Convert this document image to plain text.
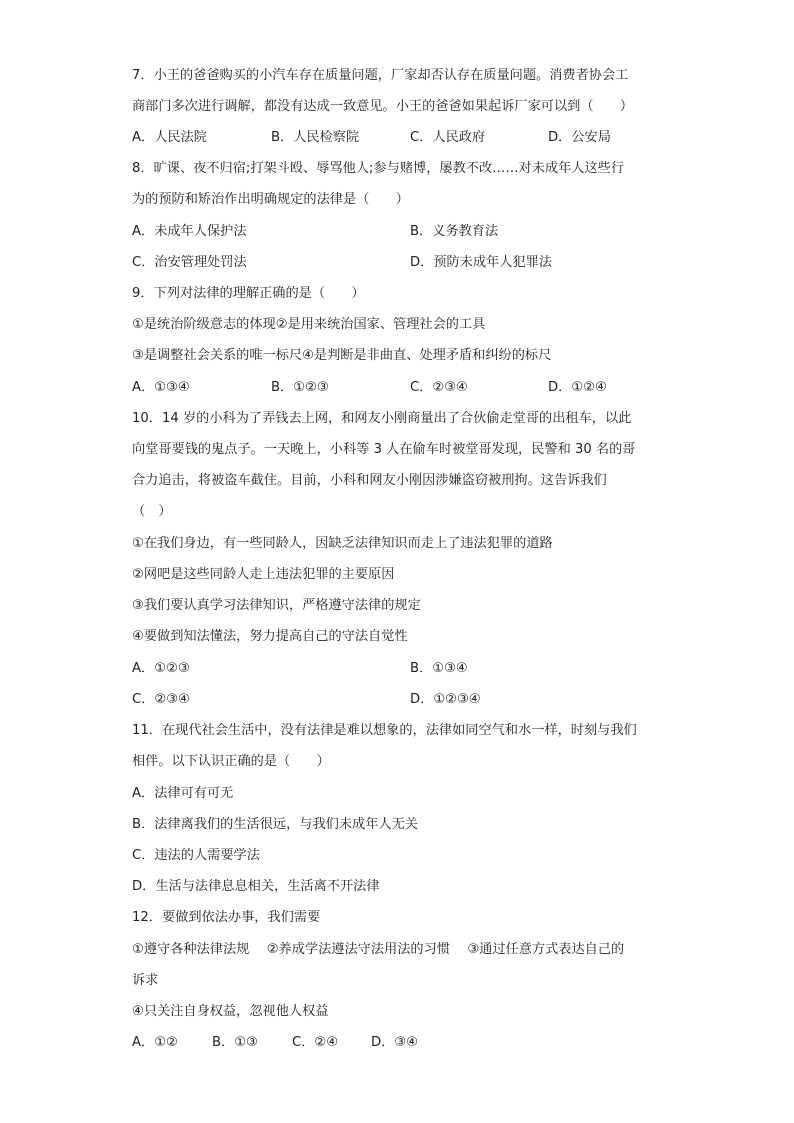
7．小王的爸爸购买的小汽车存在质量问题，厂家却否认存在质量问题。消费者协会工
商部门多次进行调解，都没有达成一致意见。小王的爸爸如果起诉厂家可以到（　　）
A．人民法院	B．人民检察院	C．人民政府	D．公安局
8．旷课、夜不归宿;打架斗殴、辱骂他人;参与赌博，屡教不改……对未成年人这些行
为的预防和矫治作出明确规定的法律是（　　）
A．未成年人保护法	B．义务教育法
C．治安管理处罚法	D．预防未成年人犯罪法
9．下列对法律的理解正确的是（　　）
①是统治阶级意志的体现②是用来统治国家、管理社会的工具
③是调整社会关系的唯一标尺④是判断是非曲直、处理矛盾和纠纷的标尺
A．①③④	B．①②③	C．②③④	D．①②④
10．14 岁的小科为了弄钱去上网，和网友小刚商量出了合伙偷走堂哥的出租车，以此
向堂哥要钱的鬼点子。一天晚上，小科等 3 人在偷车时被堂哥发现，民警和 30 名的哥
合力追击，将被盗车截住。目前，小科和网友小刚因涉嫌盗窃被刑拘。这告诉我们
（　）
①在我们身边，有一些同龄人，因缺乏法律知识而走上了违法犯罪的道路
②网吧是这些同龄人走上违法犯罪的主要原因
③我们要认真学习法律知识，严格遵守法律的规定
④要做到知法懂法，努力提高自己的守法自觉性
A．①②③	B．①③④
C．②③④	D．①②③④
11．在现代社会生活中，没有法律是难以想象的，法律如同空气和水一样，时刻与我们
相伴。以下认识正确的是（　　）
A．法律可有可无
B．法律离我们的生活很远，与我们未成年人无关
C．违法的人需要学法
D．生活与法律息息相关，生活离不开法律
12．要做到依法办事，我们需要
①遵守各种法律法规　 ②养成学法遵法守法用法的习惯　 ③通过任意方式表达自己的
诉求
④只关注自身权益，忽视他人权益
A．①②	B．①③	C．②④ D．③④
